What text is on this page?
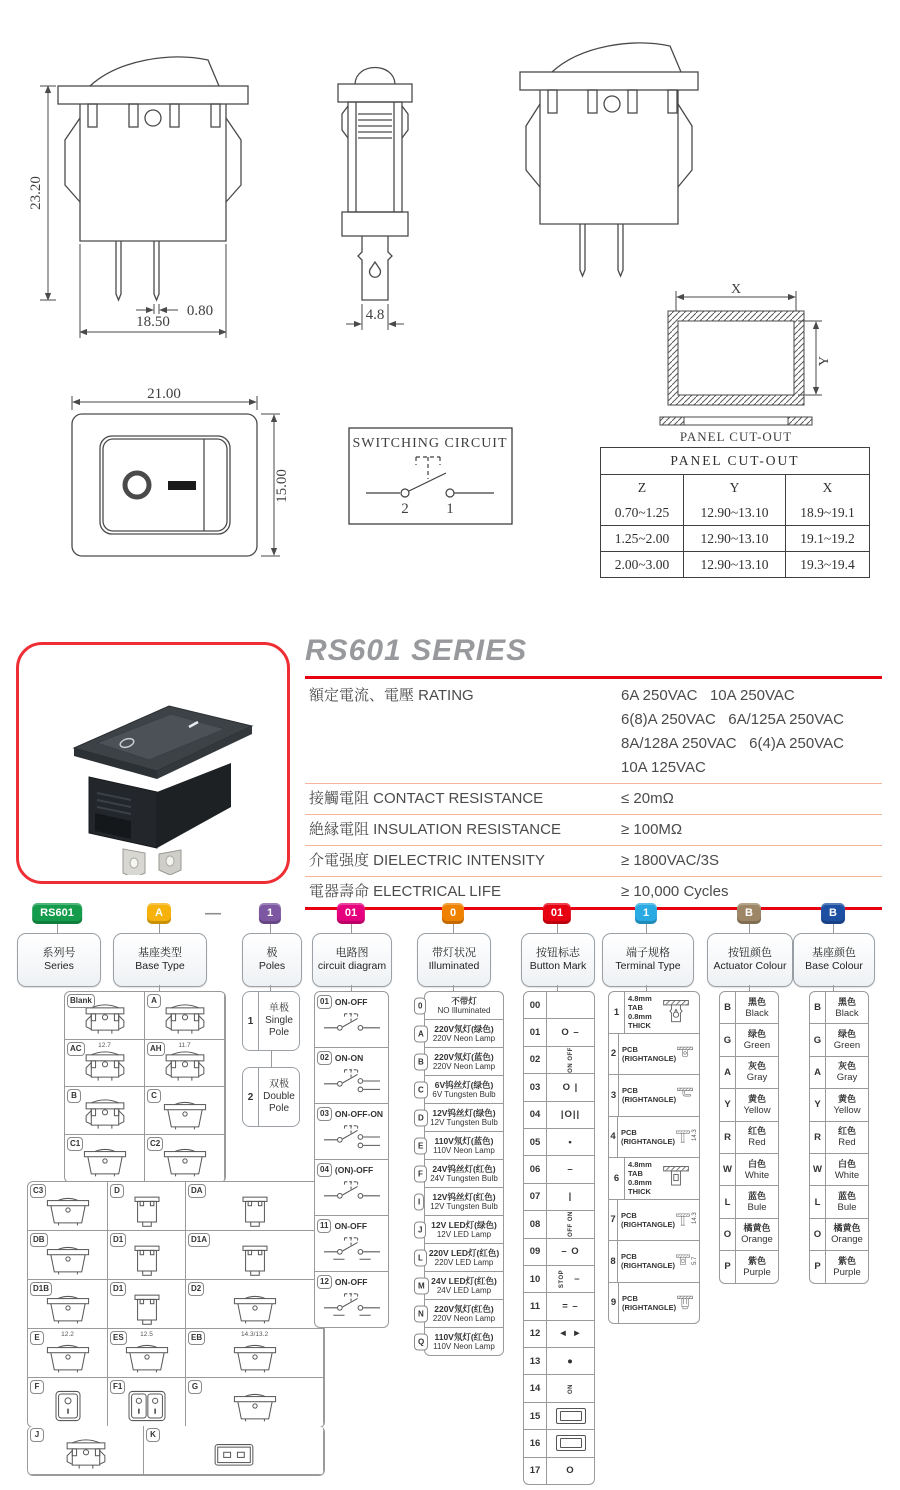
23.20
0.80
18.50	4.8
X
Y
PANEL CUT-OUT
21.00
15.00
SWITCHING CIRCUIT
2	1
PANEL CUT-OUT
Z	Y	X
0.70~1.25	12.90~13.10	18.9~19.1
1.25~2.00	12.90~13.10	19.1~19.2
2.00~3.00	12.90~13.10	19.3~19.4
RS601 SERIES
額定電流、電壓 RATING	6A 250VAC   10A 250VAC
6(8)A 250VAC   6A/125A 250VAC
8A/128A 250VAC   6(4)A 250VAC
10A 125VAC
接觸電阻 CONTACT RESISTANCE	≤ 20mΩ
絶縁電阻 INSULATION RESISTANCE	≥ 100MΩ
介電强度 DIELECTRIC INTENSITY	≥ 1800VAC/3S
電器壽命 ELECTRICAL LIFE	≥ 10,000 Cycles
RS601	A	—	1	01	0	01	1	B	B
系列号
Series
基座类型
Base Type
极
Poles
电路图
circuit diagram
带灯状况
Illuminated
按钮标志
Button Mark
端子规格
Terminal Type
按钮颜色
Actuator Colour
基座颜色
Base Colour
Blank	A
AC	12.7	AH	11.7
B	C
C1	C2
C3	D	DA
DB	D1	D1A
D1B	D1	D2
E	12.2	ES	12.5	EB	14.3/13.2
F	F1	G
J	K
1
单极
Single Pole
2
双极
Double Pole
01 ON-OFF
02 ON-ON
03 ON-OFF-ON
04 (ON)-OFF
11 ON-OFF
12 ON-OFF
0	不带灯
NO Illuminated
A	220V氖灯(绿色)
220V Neon Lamp
B	220V氖灯(蓝色)
220V Neon Lamp
C	6V钨丝灯(绿色)
6V Tungsten Bulb
D	12V钨丝灯(绿色)
12V Tungsten Bulb
E	110V氖灯(蓝色)
110V Neon Lamp
F	24V钨丝灯(红色)
24V Tungsten Bulb
I	12V钨丝灯(红色)
12V Tungsten Bulb
J	12V LED灯(绿色)
12V LED Lamp
L 220V LED灯(红色)
220V LED Lamp
M 24V LED灯(红色)
24V LED Lamp
N	220V氖灯(红色)
220V Neon Lamp
Q	110V氖灯(红色)
110V Neon Lamp
00
01	O –
02	ON OFF
03	O |
04	|O||
05	•
06	–
07	|
08	OFF ON
09	– O
10	STOP –
11	= –
12	◄ ►
13	●
14	ON
15
16
17	O
1
4.8mm TAB
0.8mm THICK
2 PCB
(RIGHTANGLE)
3 PCB
(RIGHTANGLE)
4 PCB
(RIGHTANGLE)
14.3
6
4.8mm TAB
0.8mm THICK
7 PCB
(RIGHTANGLE)
14.3
8 PCB
(RIGHTANGLE)
5.7
9 PCB
(RIGHTANGLE)
B
黑色
Black
G
绿色
Green
A
灰色
Gray
Y
黄色
Yellow
R
红色
Red
W
白色
White
L
蓝色
Bule
O
橘黄色
Orange
P
紫色
Purple
B
黑色
Black
G
绿色
Green
A
灰色
Gray
Y
黄色
Yellow
R
红色
Red
W
白色
White
L
蓝色
Bule
O
橘黄色
Orange
P
紫色
Purple
